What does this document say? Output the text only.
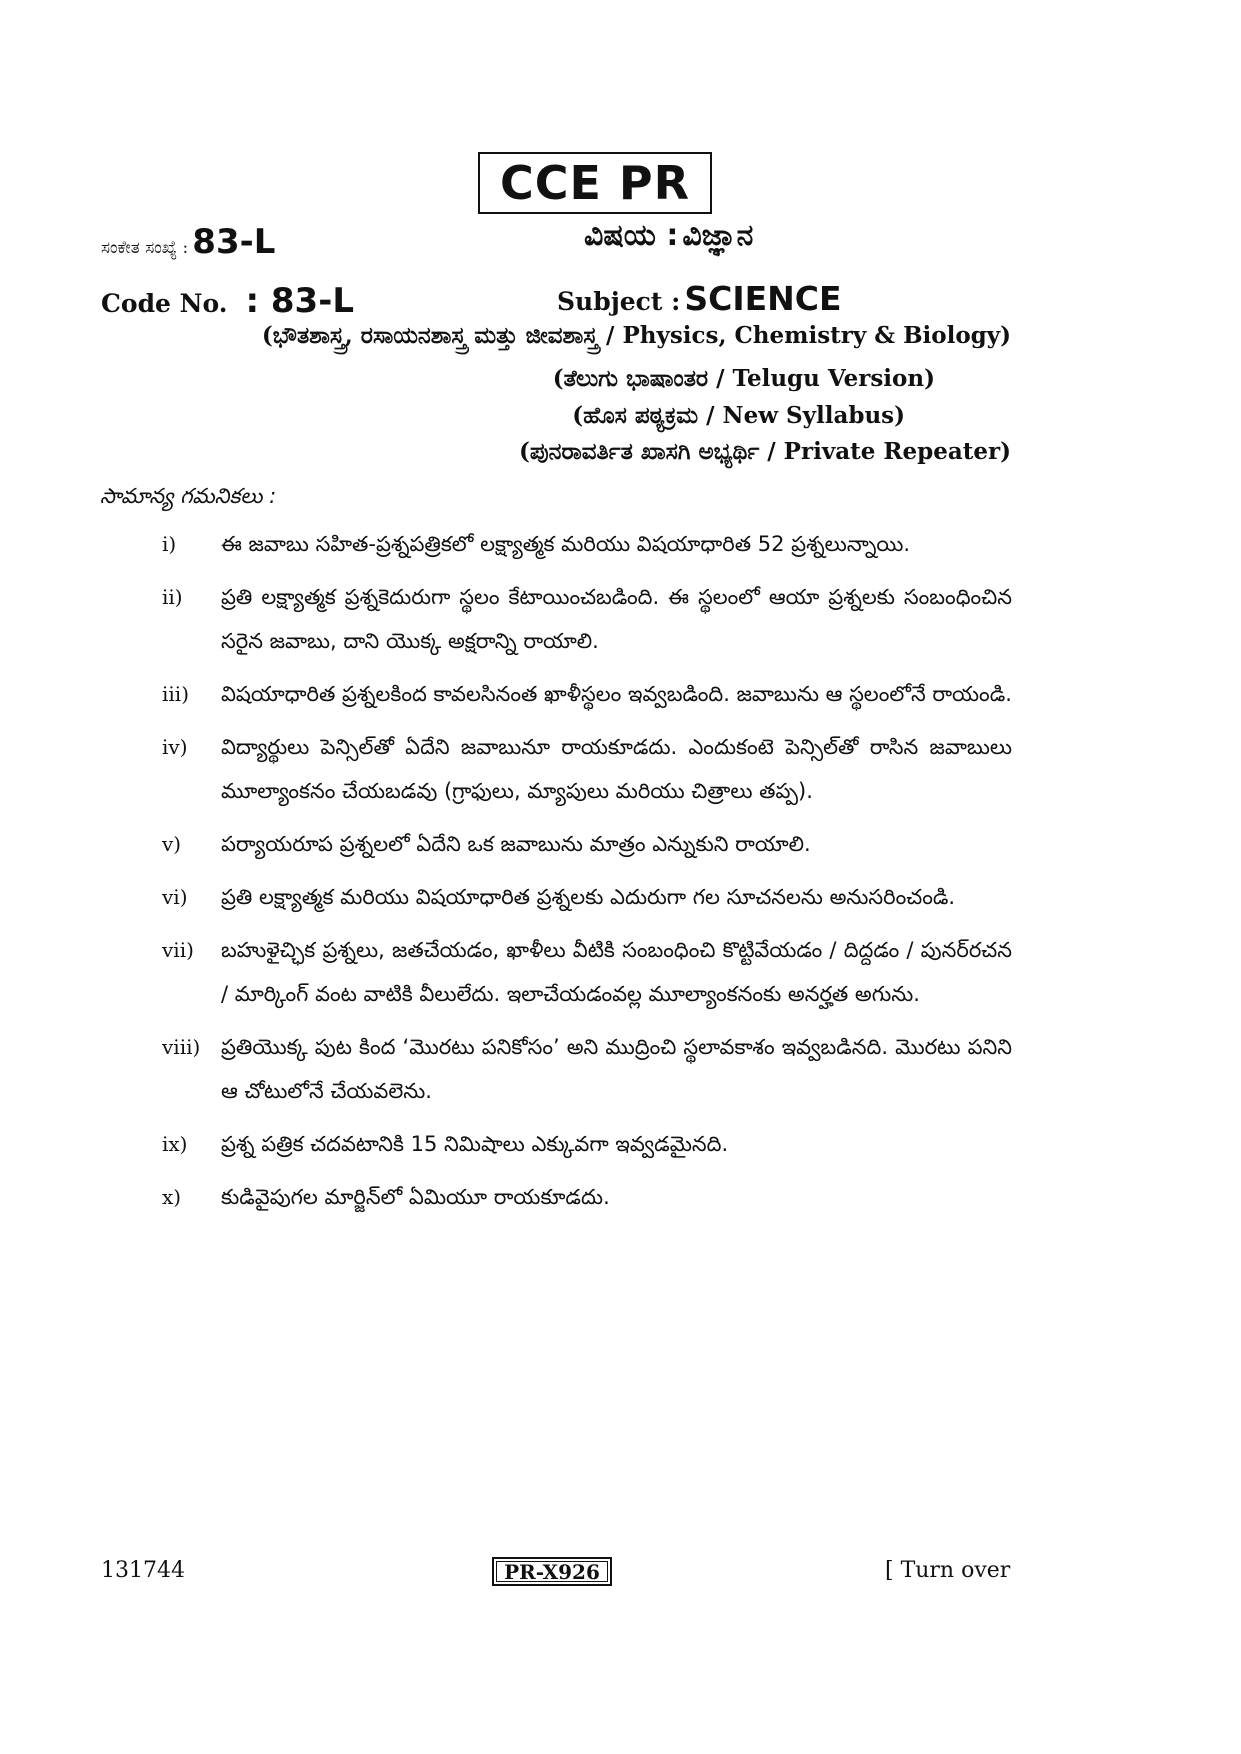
CCE PR
ಸಂಕೇತ ಸಂಖ್ಯೆ : 83-L	ವಿಷಯ : ವಿಜ್ಞಾನ
Code No. : 83-L	Subject : SCIENCE
(ಭೌತಶಾಸ್ತ್ರ, ರಸಾಯನಶಾಸ್ತ್ರ ಮತ್ತು ಜೀವಶಾಸ್ತ್ರ / Physics, Chemistry & Biology)
(ತೆಲುಗು ಭಾಷಾಂತರ / Telugu Version)
(ಹೊಸ ಪಠ್ಯಕ್ರಮ / New Syllabus)
(ಪುನರಾವರ್ತಿತ ಖಾಸಗಿ ಅಭ್ಯರ್ಥಿ / Private Repeater)
సామాన్య గమనికలు :
i)	ఈ జవాబు సహిత-ప్రశ్నపత్రికలో లక్ష్యాత్మక మరియు విషయాధారిత 52 ప్రశ్నలున్నాయి.
ii)	ప్రతి లక్ష్యాత్మక ప్రశ్నకెదురుగా స్థలం కేటాయించబడింది. ఈ స్థలంలో ఆయా ప్రశ్నలకు సంబంధించిన సరైన జవాబు, దాని యొక్క అక్షరాన్ని రాయాలి.
iii)	విషయాధారిత ప్రశ్నలకింద కావలసినంత ఖాళీస్థలం ఇవ్వబడింది. జవాబును ఆ స్థలంలోనే రాయండి.
iv)	విద్యార్థులు పెన్సిల్‌తో ఏదేని జవాబునూ రాయకూడదు. ఎందుకంటె పెన్సిల్‌తో రాసిన జవాబులు మూల్యాంకనం చేయబడవు (గ్రాఫులు, మ్యాపులు మరియు చిత్రాలు తప్ప).
v)	పర్యాయరూప ప్రశ్నలలో ఏదేని ఒక జవాబును మాత్రం ఎన్నుకుని రాయాలి.
vi)	ప్రతి లక్ష్యాత్మక మరియు విషయాధారిత ప్రశ్నలకు ఎదురుగా గల సూచనలను అనుసరించండి.
vii)	బహుళైచ్ఛిక ప్రశ్నలు, జతచేయడం, ఖాళీలు వీటికి సంబంధించి కొట్టివేయడం / దిద్దడం / పునర్‌రచన / మార్కింగ్ వంట వాటికి వీలులేదు. ఇలాచేయడంవల్ల మూల్యాంకనంకు అనర్హత అగును.
viii) ప్రతియొక్క పుట కింద ‘మొరటు పనికోసం’ అని ముద్రించి స్థలావకాశం ఇవ్వబడినది. మొరటు పనిని ఆ చోటులోనే చేయవలెను.
ix)	ప్రశ్న పత్రిక చదవటానికి 15 నిమిషాలు ఎక్కువగా ఇవ్వడమైనది.
x)	కుడివైపుగల మార్జిన్‌లో ఏమియూ రాయకూడదు.
131744	PR-X926	[ Turn over
